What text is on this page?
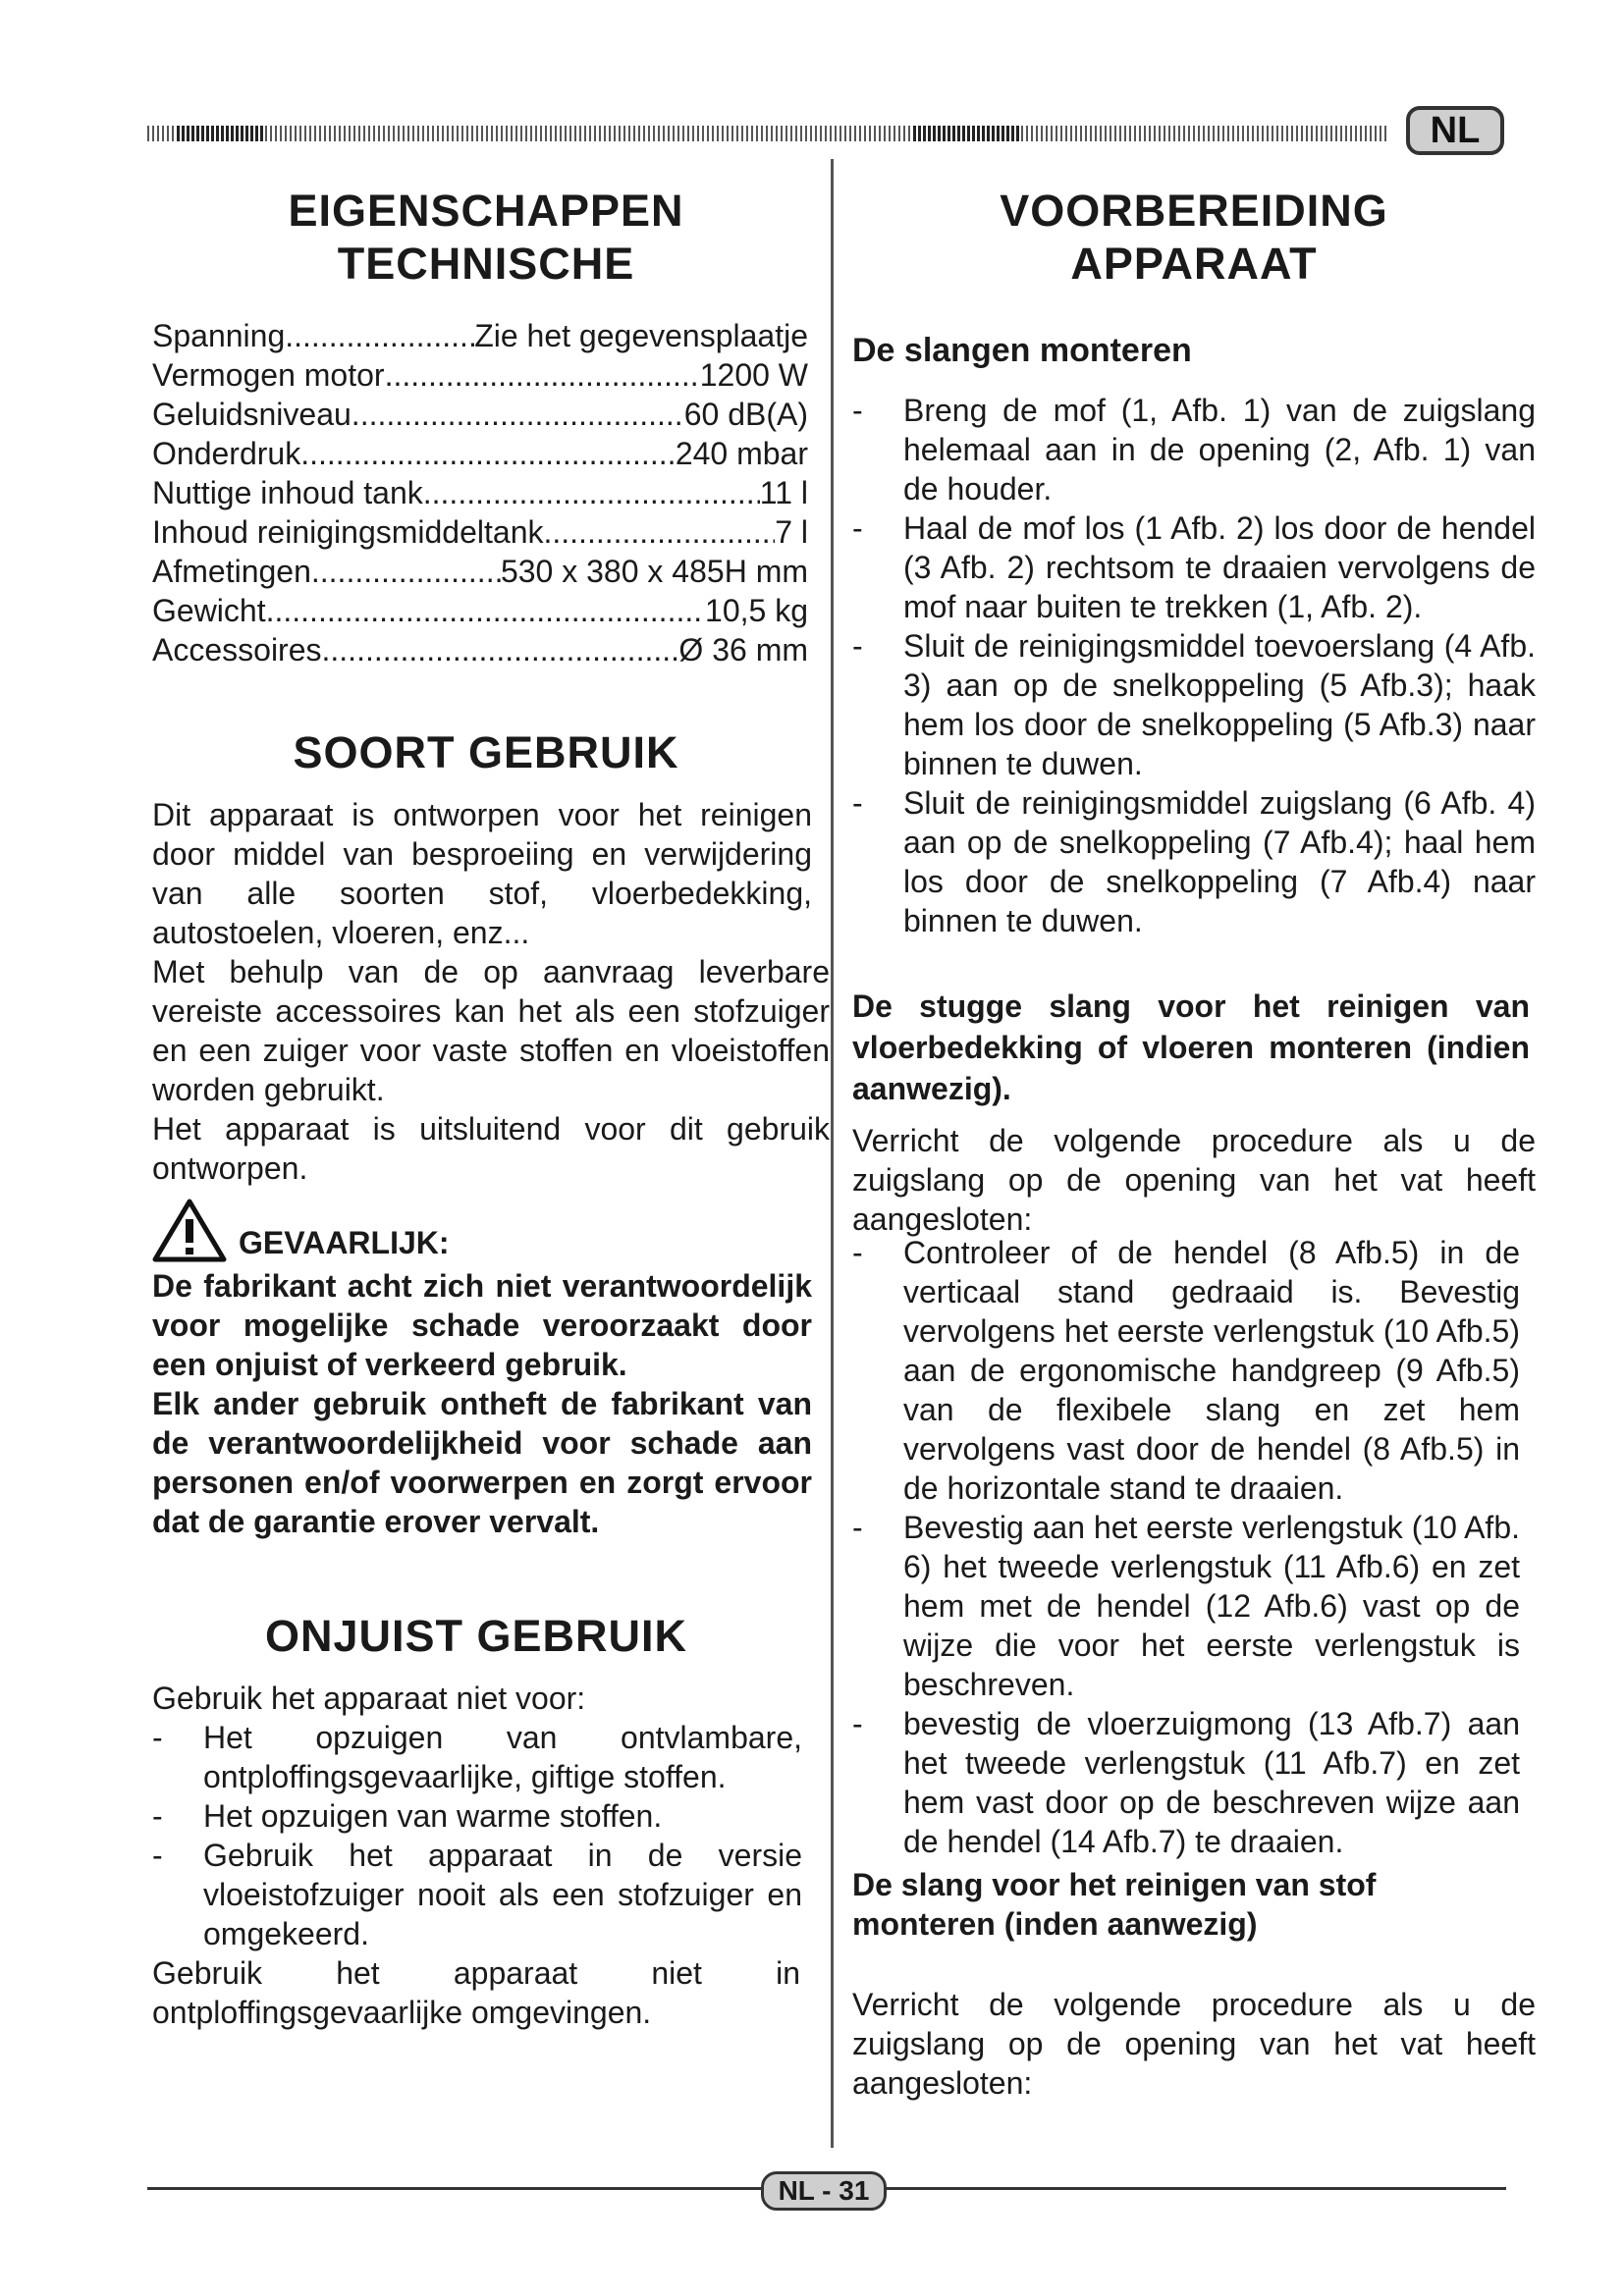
NL
EIGENSCHAPPEN
TECHNISCHE
Spanning .....	Zie het gegevensplaatje
Vermogen motor .....	1200 W
Geluidsniveau .....	60 dB(A)
Onderdruk .....	240 mbar
Nuttige inhoud tank .....	11 l
Inhoud reinigingsmiddeltank .....	7 l
Afmetingen .....	530 x 380 x 485H mm
Gewicht .....	10,5 kg
Accessoires .....	Ø 36 mm
SOORT GEBRUIK
Dit apparaat is ontworpen voor het reinigen door middel van besproeiing en verwijdering van alle soorten stof, vloerbedekking, autostoelen, vloeren, enz...
Met behulp van de op aanvraag leverbare vereiste accessoires kan het als een stofzuiger en een zuiger voor vaste stoffen en vloeistoffen worden gebruikt.
Het apparaat is uitsluitend voor dit gebruik ontworpen.
GEVAARLIJK:
De fabrikant acht zich niet verantwoordelijk voor mogelijke schade veroorzaakt door een onjuist of verkeerd gebruik.
Elk ander gebruik ontheft de fabrikant van de verantwoordelijkheid voor schade aan personen en/of voorwerpen en zorgt ervoor dat de garantie erover vervalt.
ONJUIST GEBRUIK
Gebruik het apparaat niet voor:
- Het opzuigen van ontvlambare, ontploffingsgevaarlijke, giftige stoffen.
- Het opzuigen van warme stoffen.
- Gebruik het apparaat in de versie vloeistofzuiger nooit als een stofzuiger en omgekeerd.
Gebruik het apparaat niet in ontploffingsgevaarlijke omgevingen.
VOORBEREIDING
APPARAAT
De slangen monteren
- Breng de mof (1, Afb. 1) van de zuigslang helemaal aan in de opening (2, Afb. 1) van de houder.
- Haal de mof los (1 Afb. 2) los door de hendel (3 Afb. 2) rechtsom te draaien vervolgens de mof naar buiten te trekken (1, Afb. 2).
- Sluit de reinigingsmiddel toevoerslang (4 Afb. 3) aan op de snelkoppeling (5 Afb.3); haak hem los door de snelkoppeling (5 Afb.3) naar binnen te duwen.
- Sluit de reinigingsmiddel zuigslang (6 Afb. 4) aan op de snelkoppeling (7 Afb.4); haal hem los door de snelkoppeling (7 Afb.4) naar binnen te duwen.
De stugge slang voor het reinigen van vloerbedekking of vloeren monteren (indien aanwezig).
Verricht de volgende procedure als u de zuigslang op de opening van het vat heeft aangesloten:
- Controleer of de hendel (8 Afb.5) in de verticaal stand gedraaid is. Bevestig vervolgens het eerste verlengstuk (10 Afb.5) aan de ergonomische handgreep (9 Afb.5) van de flexibele slang en zet hem vervolgens vast door de hendel (8 Afb.5) in de horizontale stand te draaien.
- Bevestig aan het eerste verlengstuk (10 Afb. 6) het tweede verlengstuk (11 Afb.6) en zet hem met de hendel (12 Afb.6) vast op de wijze die voor het eerste verlengstuk is beschreven.
- bevestig de vloerzuigmong (13 Afb.7) aan het tweede verlengstuk (11 Afb.7) en zet hem vast door op de beschreven wijze aan de hendel (14 Afb.7) te draaien.
De slang voor het reinigen van stof monteren (inden aanwezig)
Verricht de volgende procedure als u de zuigslang op de opening van het vat heeft aangesloten:
NL - 31
